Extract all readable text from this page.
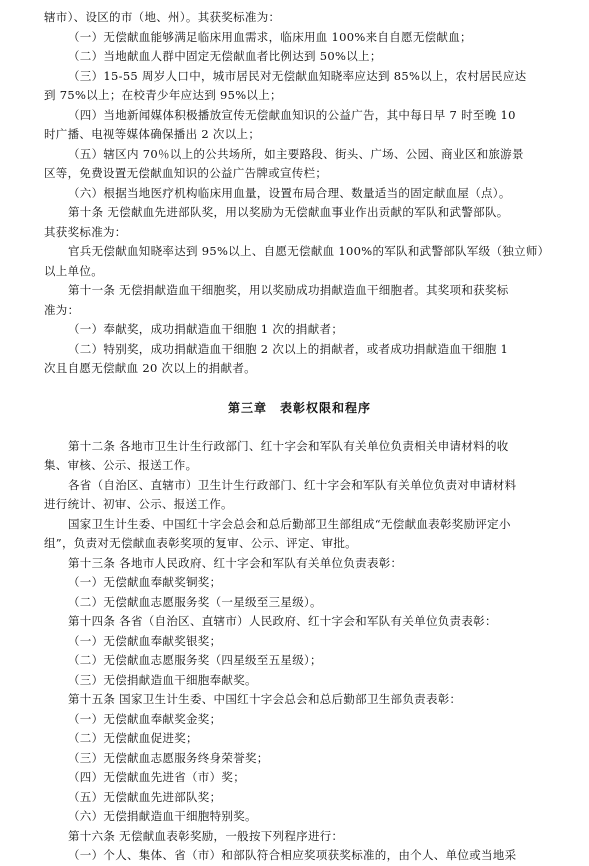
辖市）、设区的市（地、州）。其获奖标准为：
（一）无偿献血能够满足临床用血需求，临床用血 100%来自自愿无偿献血；
（二）当地献血人群中固定无偿献血者比例达到 50%以上；
（三）15-55 周岁人口中，城市居民对无偿献血知晓率应达到 85%以上，农村居民应达
到 75%以上；在校青少年应达到 95%以上；
（四）当地新闻媒体积极播放宣传无偿献血知识的公益广告，其中每日早 7 时至晚 10
时广播、电视等媒体确保播出 2 次以上；
（五）辖区内 70％以上的公共场所，如主要路段、街头、广场、公园、商业区和旅游景
区等，免费设置无偿献血知识的公益广告牌或宣传栏；
（六）根据当地医疗机构临床用血量，设置布局合理、数量适当的固定献血屋（点）。
第十条 无偿献血先进部队奖，用以奖励为无偿献血事业作出贡献的军队和武警部队。
其获奖标准为：
官兵无偿献血知晓率达到 95%以上、自愿无偿献血 100%的军队和武警部队军级（独立师）
以上单位。
第十一条 无偿捐献造血干细胞奖，用以奖励成功捐献造血干细胞者。其奖项和获奖标
准为：
（一）奉献奖，成功捐献造血干细胞 1 次的捐献者；
（二）特别奖，成功捐献造血干细胞 2 次以上的捐献者，或者成功捐献造血干细胞 1
次且自愿无偿献血 20 次以上的捐献者。
第三章　表彰权限和程序
第十二条 各地市卫生计生行政部门、红十字会和军队有关单位负责相关申请材料的收
集、审核、公示、报送工作。
各省（自治区、直辖市）卫生计生行政部门、红十字会和军队有关单位负责对申请材料
进行统计、初审、公示、报送工作。
国家卫生计生委、中国红十字会总会和总后勤部卫生部组成“无偿献血表彰奖励评定小
组”，负责对无偿献血表彰奖项的复审、公示、评定、审批。
第十三条 各地市人民政府、红十字会和军队有关单位负责表彰：
（一）无偿献血奉献奖铜奖；
（二）无偿献血志愿服务奖（一星级至三星级）。
第十四条 各省（自治区、直辖市）人民政府、红十字会和军队有关单位负责表彰：
（一）无偿献血奉献奖银奖；
（二）无偿献血志愿服务奖（四星级至五星级）；
（三）无偿捐献造血干细胞奉献奖。
第十五条 国家卫生计生委、中国红十字会总会和总后勤部卫生部负责表彰：
（一）无偿献血奉献奖金奖；
（二）无偿献血促进奖；
（三）无偿献血志愿服务终身荣誉奖；
（四）无偿献血先进省（市）奖；
（五）无偿献血先进部队奖；
（六）无偿捐献造血干细胞特别奖。
第十六条 无偿献血表彰奖励，一般按下列程序进行：
（一）个人、集体、省（市）和部队符合相应奖项获奖标准的，由个人、单位或当地采
